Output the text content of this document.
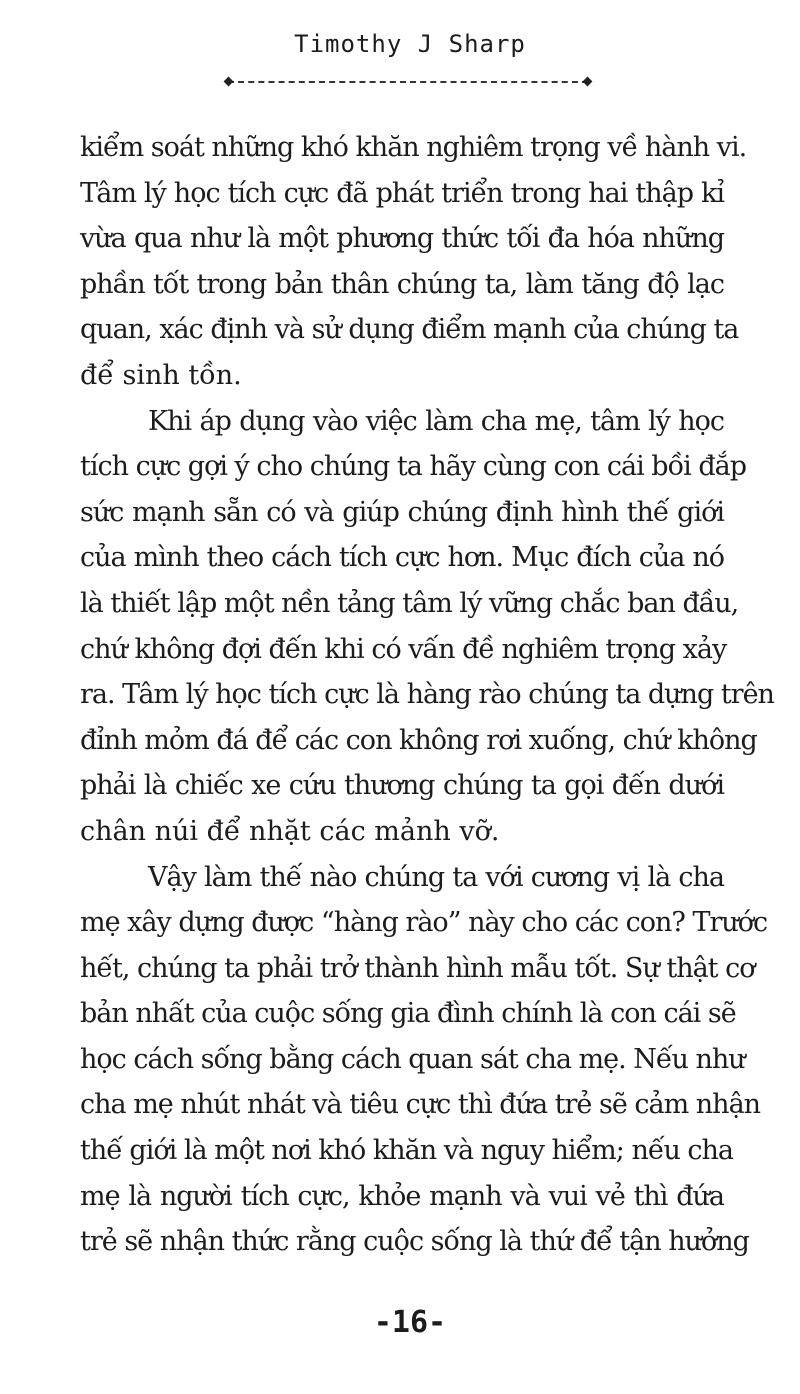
Timothy J Sharp
kiểm soát những khó khăn nghiêm trọng về hành vi.
Tâm lý học tích cực đã phát triển trong hai thập kỉ
vừa qua như là một phương thức tối đa hóa những
phần tốt trong bản thân chúng ta, làm tăng độ lạc
quan, xác định và sử dụng điểm mạnh của chúng ta
để sinh tồn.
Khi áp dụng vào việc làm cha mẹ, tâm lý học
tích cực gợi ý cho chúng ta hãy cùng con cái bồi đắp
sức mạnh sẵn có và giúp chúng định hình thế giới
của mình theo cách tích cực hơn. Mục đích của nó
là thiết lập một nền tảng tâm lý vững chắc ban đầu,
chứ không đợi đến khi có vấn đề nghiêm trọng xảy
ra. Tâm lý học tích cực là hàng rào chúng ta dựng trên
đỉnh mỏm đá để các con không rơi xuống, chứ không
phải là chiếc xe cứu thương chúng ta gọi đến dưới
chân núi để nhặt các mảnh vỡ.
Vậy làm thế nào chúng ta với cương vị là cha
mẹ xây dựng được “hàng rào” này cho các con? Trước
hết, chúng ta phải trở thành hình mẫu tốt. Sự thật cơ
bản nhất của cuộc sống gia đình chính là con cái sẽ
học cách sống bằng cách quan sát cha mẹ. Nếu như
cha mẹ nhút nhát và tiêu cực thì đứa trẻ sẽ cảm nhận
thế giới là một nơi khó khăn và nguy hiểm; nếu cha
mẹ là người tích cực, khỏe mạnh và vui vẻ thì đứa
trẻ sẽ nhận thức rằng cuộc sống là thứ để tận hưởng
-16-
